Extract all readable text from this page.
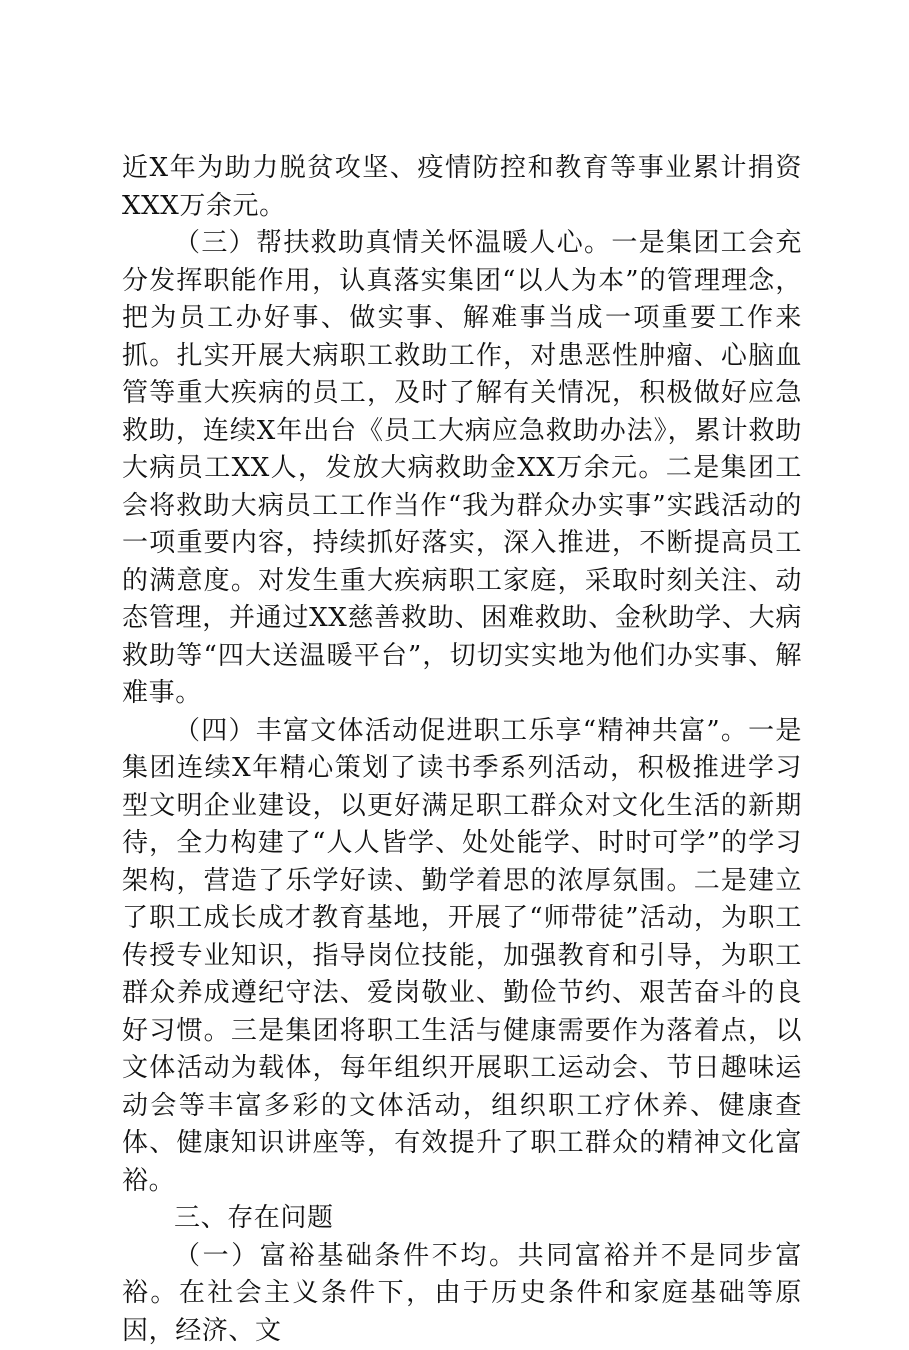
近X年为助力脱贫攻坚、疫情防控和教育等事业累计捐资XXX万余元。

（三）帮扶救助真情关怀温暖人心。一是集团工会充分发挥职能作用，认真落实集团“以人为本”的管理理念，把为员工办好事、做实事、解难事当成一项重要工作来抓。扎实开展大病职工救助工作，对患恶性肿瘤、心脑血管等重大疾病的员工，及时了解有关情况，积极做好应急救助，连续X年出台《员工大病应急救助办法》，累计救助大病员工XX人，发放大病救助金XX万余元。二是集团工会将救助大病员工工作当作“我为群众办实事”实践活动的一项重要内容，持续抓好落实，深入推进，不断提高员工的满意度。对发生重大疾病职工家庭，采取时刻关注、动态管理，并通过XX慈善救助、困难救助、金秋助学、大病救助等“四大送温暖平台”，切切实实地为他们办实事、解难事。

（四）丰富文体活动促进职工乐享“精神共富”。一是集团连续X年精心策划了读书季系列活动，积极推进学习型文明企业建设，以更好满足职工群众对文化生活的新期待，全力构建了“人人皆学、处处能学、时时可学”的学习架构，营造了乐学好读、勤学着思的浓厚氛围。二是建立了职工成长成才教育基地，开展了“师带徒”活动，为职工传授专业知识，指导岗位技能，加强教育和引导，为职工群众养成遵纪守法、爱岗敬业、勤俭节约、艰苦奋斗的良好习惯。三是集团将职工生活与健康需要作为落着点，以文体活动为载体，每年组织开展职工运动会、节日趣味运动会等丰富多彩的文体活动，组织职工疗休养、健康查体、健康知识讲座等，有效提升了职工群众的精神文化富裕。

三、存在问题

（一）富裕基础条件不均。共同富裕并不是同步富裕。在社会主义条件下，由于历史条件和家庭基础等原因，经济、文
